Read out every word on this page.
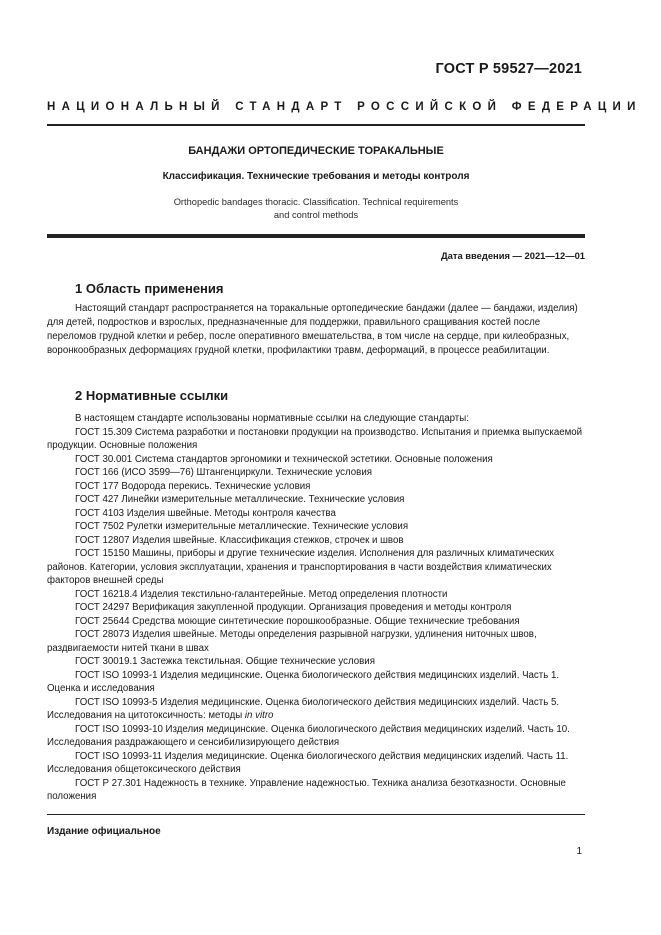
ГОСТ Р 59527—2021
НАЦИОНАЛЬНЫЙ СТАНДАРТ РОССИЙСКОЙ ФЕДЕРАЦИИ
БАНДАЖИ ОРТОПЕДИЧЕСКИЕ ТОРАКАЛЬНЫЕ
Классификация. Технические требования и методы контроля
Orthopedic bandages thoracic. Classification. Technical requirements
and control methods
Дата введения — 2021—12—01
1 Область применения
Настоящий стандарт распространяется на торакальные ортопедические бандажи (далее — бандажи, изделия) для детей, подростков и взрослых, предназначенные для поддержки, правильного сращивания костей после переломов грудной клетки и ребер, после оперативного вмешательства, в том числе на сердце, при килеобразных, воронкообразных деформациях грудной клетки, профилактики травм, деформаций, в процессе реабилитации.
2 Нормативные ссылки

В настоящем стандарте использованы нормативные ссылки на следующие стандарты:

ГОСТ 15.309 Система разработки и постановки продукции на производство. Испытания и приемка выпускаемой продукции. Основные положения

ГОСТ 30.001 Система стандартов эргономики и технической эстетики. Основные положения

ГОСТ 166 (ИСО 3599—76) Штангенциркули. Технические условия

ГОСТ 177 Водорода перекись. Технические условия

ГОСТ 427 Линейки измерительные металлические. Технические условия

ГОСТ 4103 Изделия швейные. Методы контроля качества

ГОСТ 7502 Рулетки измерительные металлические. Технические условия

ГОСТ 12807 Изделия швейные. Классификация стежков, строчек и швов

ГОСТ 15150 Машины, приборы и другие технические изделия. Исполнения для различных климатических районов. Категории, условия эксплуатации, хранения и транспортирования в части воздействия климатических факторов внешней среды

ГОСТ 16218.4 Изделия текстильно-галантерейные. Метод определения плотности

ГОСТ 24297 Верификация закупленной продукции. Организация проведения и методы контроля

ГОСТ 25644 Средства моющие синтетические порошкообразные. Общие технические требования

ГОСТ 28073 Изделия швейные. Методы определения разрывной нагрузки, удлинения ниточных швов, раздвигаемости нитей ткани в швах

ГОСТ 30019.1 Застежка текстильная. Общие технические условия

ГОСТ ISO 10993-1 Изделия медицинские. Оценка биологического действия медицинских изделий. Часть 1. Оценка и исследования

ГОСТ ISO 10993-5 Изделия медицинские. Оценка биологического действия медицинских изделий. Часть 5. Исследования на цитотоксичность: методы in vitro

ГОСТ ISO 10993-10 Изделия медицинские. Оценка биологического действия медицинских изделий. Часть 10. Исследования раздражающего и сенсибилизирующего действия

ГОСТ ISO 10993-11 Изделия медицинские. Оценка биологического действия медицинских изделий. Часть 11. Исследования общетоксического действия

ГОСТ Р 27.301 Надежность в технике. Управление надежностью. Техника анализа безотказности. Основные положения

Издание официальное
1
